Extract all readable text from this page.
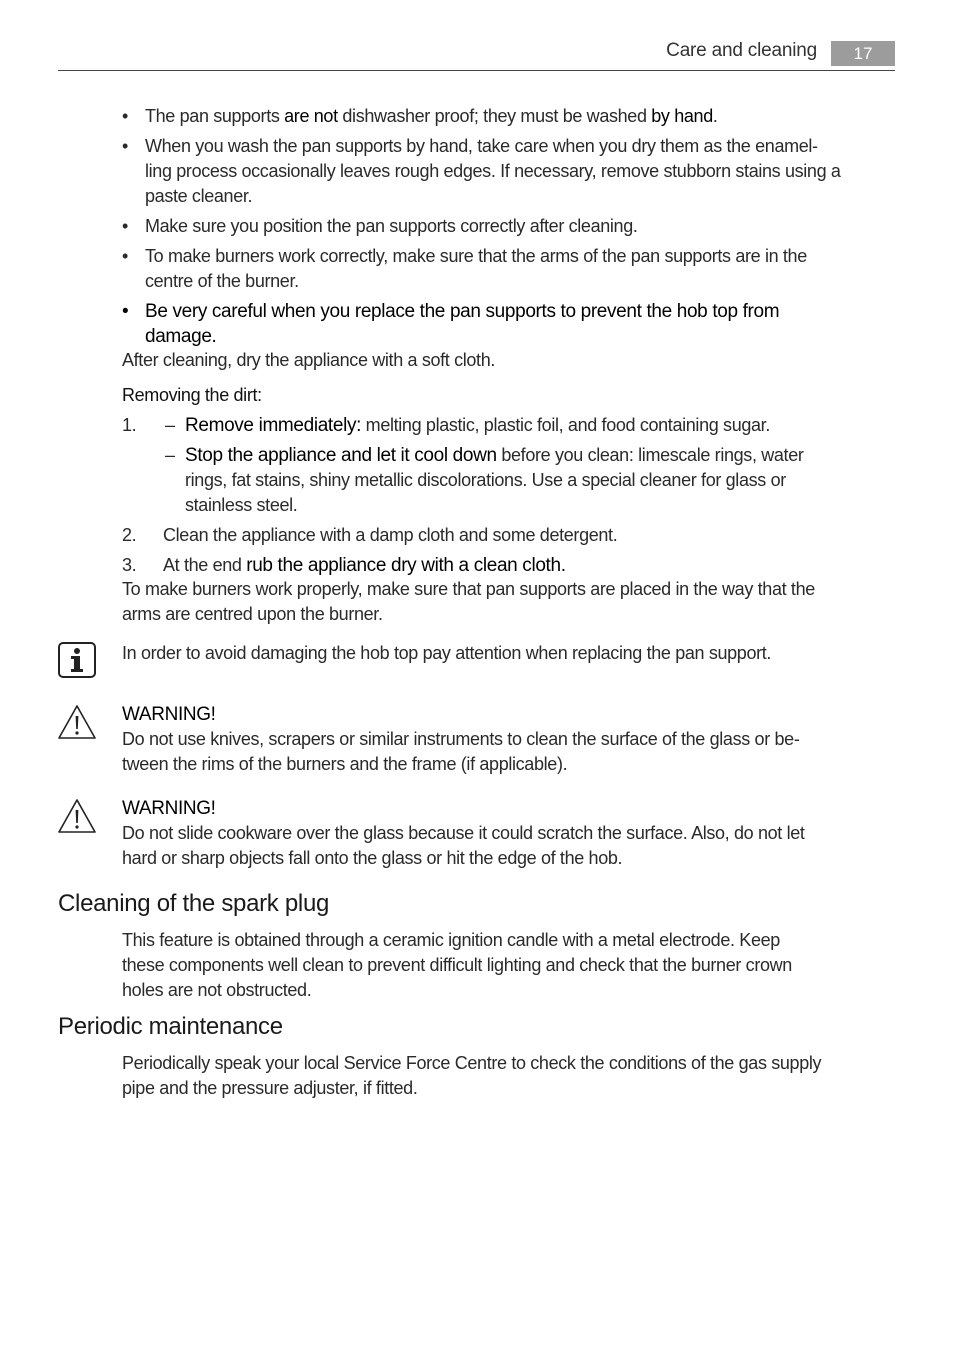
Care and cleaning	17
• The pan supports are not dishwasher proof; they must be washed by hand.
• When you wash the pan supports by hand, take care when you dry them as the enamel-
ling process occasionally leaves rough edges. If necessary, remove stubborn stains using a
paste cleaner.
• Make sure you position the pan supports correctly after cleaning.
• To make burners work correctly, make sure that the arms of the pan supports are in the
centre of the burner.
• Be very careful when you replace the pan supports to prevent the hob top from
damage.
After cleaning, dry the appliance with a soft cloth.
Removing the dirt:
1. – Remove immediately: melting plastic, plastic foil, and food containing sugar.
– Stop the appliance and let it cool down before you clean: limescale rings, water
rings, fat stains, shiny metallic discolorations. Use a special cleaner for glass or
stainless steel.
2. Clean the appliance with a damp cloth and some detergent.
3. At the end rub the appliance dry with a clean cloth.
To make burners work properly, make sure that pan supports are placed in the way that the
arms are centred upon the burner.
In order to avoid damaging the hob top pay attention when replacing the pan support.
WARNING!
Do not use knives, scrapers or similar instruments to clean the surface of the glass or be-
tween the rims of the burners and the frame (if applicable).
WARNING!
Do not slide cookware over the glass because it could scratch the surface. Also, do not let
hard or sharp objects fall onto the glass or hit the edge of the hob.
Cleaning of the spark plug
This feature is obtained through a ceramic ignition candle with a metal electrode. Keep
these components well clean to prevent difficult lighting and check that the burner crown
holes are not obstructed.
Periodic maintenance
Periodically speak your local Service Force Centre to check the conditions of the gas supply
pipe and the pressure adjuster, if fitted.
